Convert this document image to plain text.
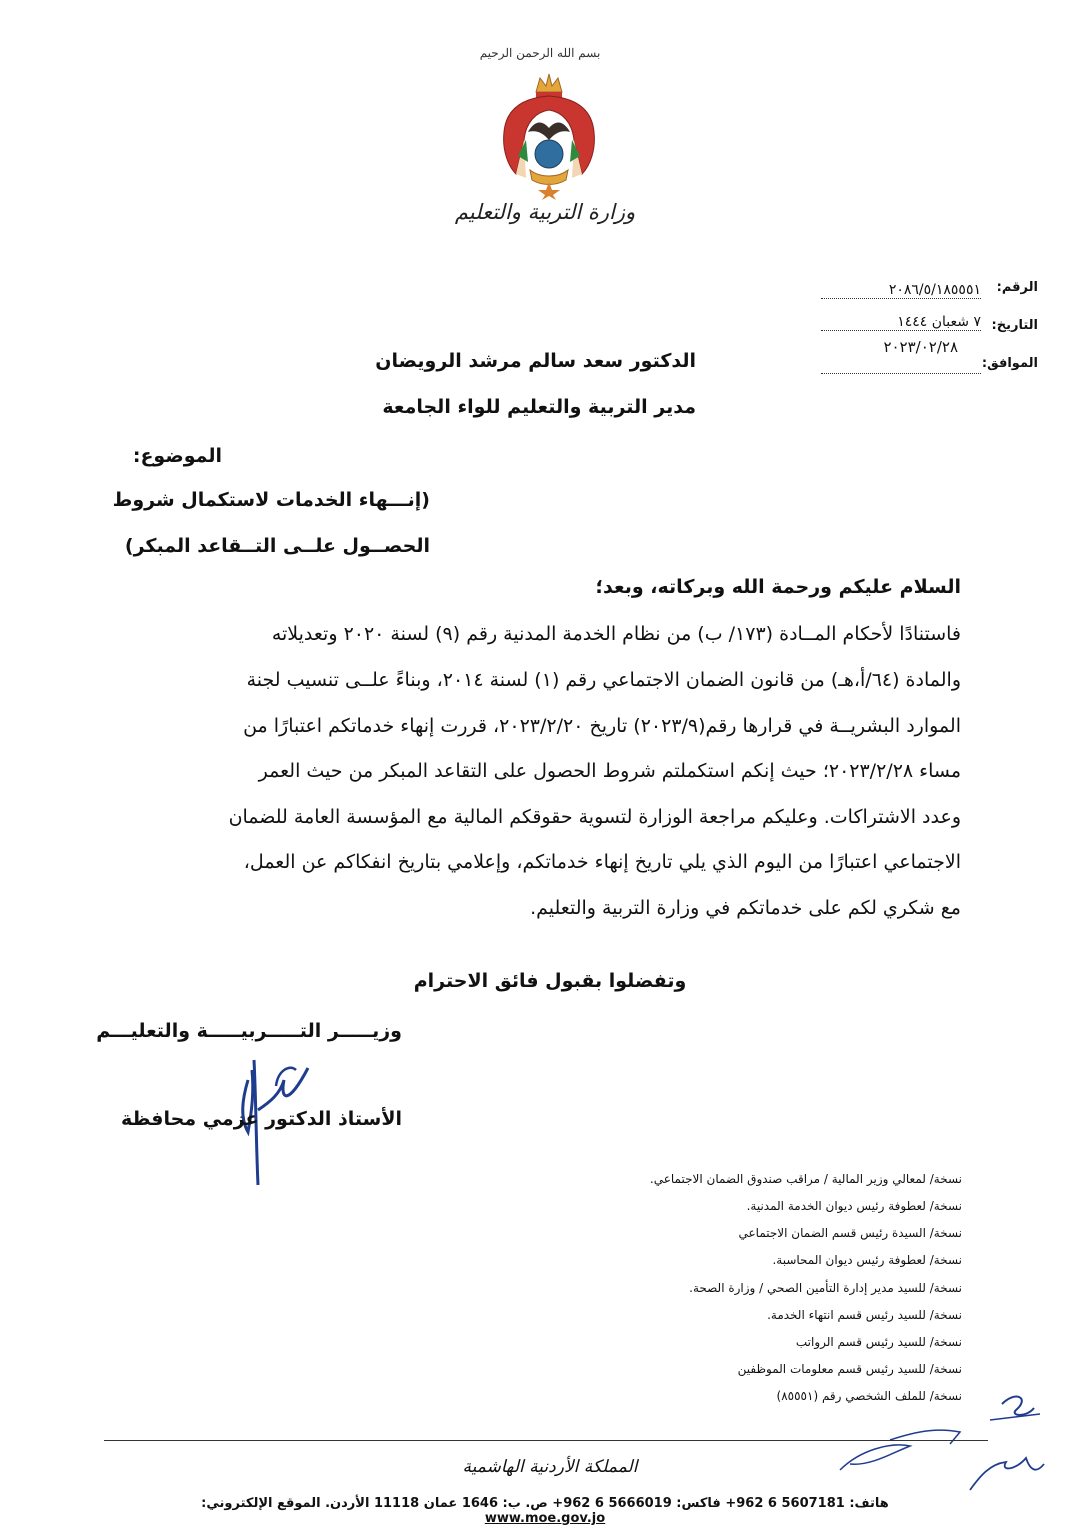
بسم الله الرحمن الرحيم
وزارة التربية والتعليم
الرقم:
٢٠٨٦/٥/١٨٥٥٥١
التاريخ:
٧ شعبان ١٤٤٤
٢٠٢٣/٠٢/٢٨
الموافق:
الدكتور سعد سالم مرشد الرويضان
مدير التربية والتعليم للواء الجامعة
الموضوع:
(إنـــهاء الخدمات لاستكمال شروط
الحصــول علــى التــقاعد المبكر)
السلام عليكم ورحمة الله وبركاته، وبعد؛
فاستنادًا لأحكام المــادة (١٧٣/ ب) من نظام الخدمة المدنية رقم (٩) لسنة ٢٠٢٠ وتعديلاته
والمادة (٦٤/أ،هـ) من قانون الضمان الاجتماعي رقم (١) لسنة ٢٠١٤، وبناءً علــى تنسيب لجنة
الموارد البشريــة في قرارها رقم(٢٠٢٣/٩) تاريخ ٢٠٢٣/٢/٢٠، قررت إنهاء خدماتكم اعتبارًا من
مساء ٢٠٢٣/٢/٢٨؛ حيث إنكم استكملتم شروط الحصول على التقاعد المبكر من حيث العمر
وعدد الاشتراكات. وعليكم مراجعة الوزارة لتسوية حقوقكم المالية مع المؤسسة العامة للضمان
الاجتماعي اعتبارًا من اليوم الذي يلي تاريخ إنهاء خدماتكم، وإعلامي بتاريخ انفكاكم عن العمل،
مع شكري لكم على خدماتكم في وزارة التربية والتعليم.
وتفضلوا بقبول فائق الاحترام
وزيـــــر التـــــربيـــــة والتعليـــم
الأستاذ الدكتور عزمي محافظة
نسخة/ لمعالي وزير المالية / مراقب صندوق الضمان الاجتماعي.
نسخة/ لعطوفة رئيس ديوان الخدمة المدنية.
نسخة/ السيدة رئيس قسم الضمان الاجتماعي
نسخة/ لعطوفة رئيس ديوان المحاسبة.
نسخة/ للسيد مدير إدارة التأمين الصحي / وزارة الصحة.
نسخة/ للسيد رئيس قسم انتهاء الخدمة.
نسخة/ للسيد رئيس قسم الرواتب
نسخة/ للسيد رئيس قسم معلومات الموظفين
نسخة/ للملف الشخصي رقم (٨٥٥٥١)
المملكة الأردنية الهاشمية
هاتف: 5607181 6 962+ فاكس: 5666019 6 962+ ص. ب: 1646 عمان 11118 الأردن. الموقع الإلكتروني: www.moe.gov.jo
